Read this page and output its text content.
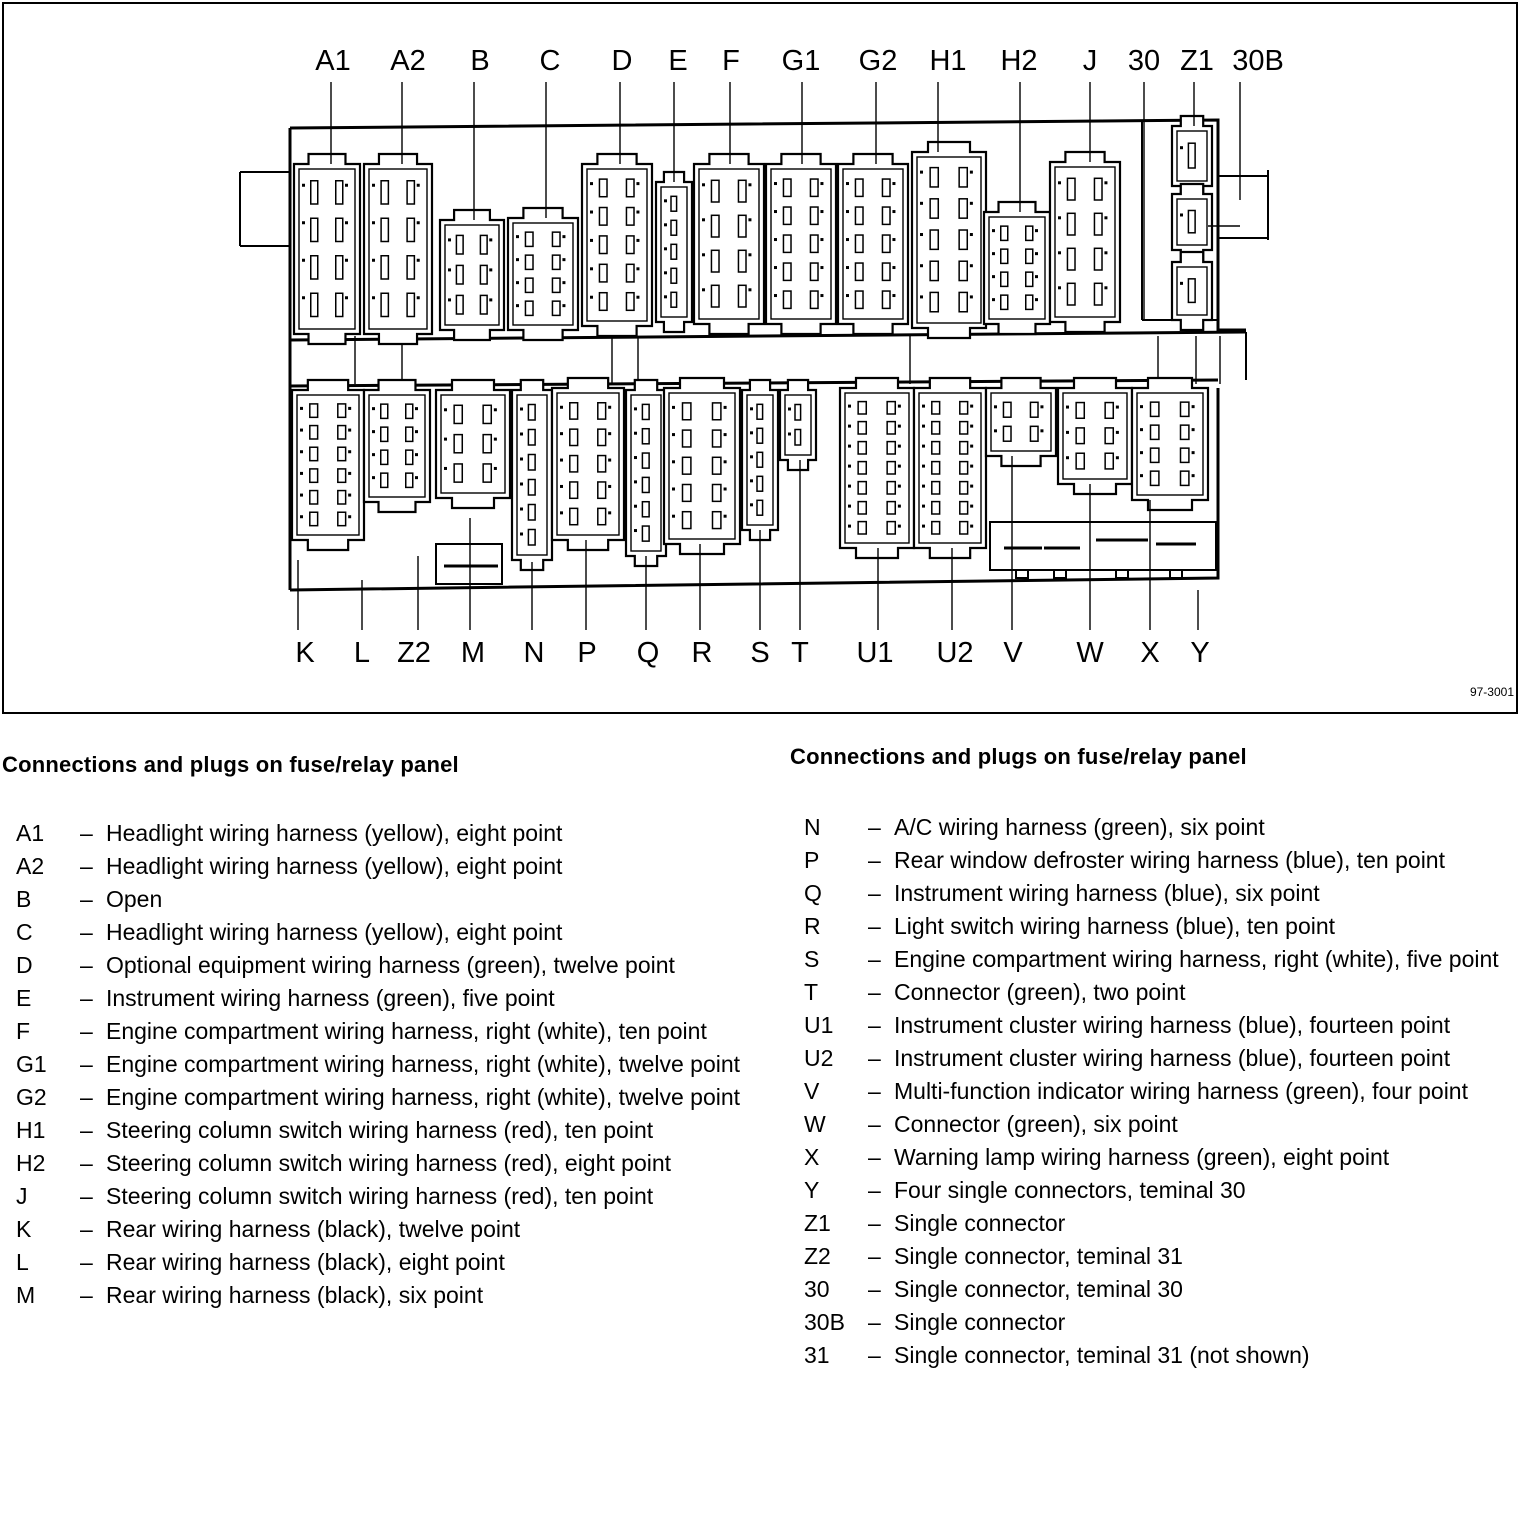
A1 A2 B C D E F G1 G2 H1 H2 J 30 Z1 30B
K L Z2 M N P Q R S T U1 U2 V W X Y
97-3001
Connections and plugs on fuse/relay panel
A1	– Headlight wiring harness (yellow), eight point
A2	– Headlight wiring harness (yellow), eight point
B	– Open
C	– Headlight wiring harness (yellow), eight point
D	– Optional equipment wiring harness (green), twelve point
E	– Instrument wiring harness (green), five point
F	– Engine compartment wiring harness, right (white), ten point
G1	– Engine compartment wiring harness, right (white), twelve point
G2	– Engine compartment wiring harness, right (white), twelve point
H1	– Steering column switch wiring harness (red), ten point
H2	– Steering column switch wiring harness (red), eight point
J	– Steering column switch wiring harness (red), ten point
K	– Rear wiring harness (black), twelve point
L	– Rear wiring harness (black), eight point
M	– Rear wiring harness (black), six point
Connections and plugs on fuse/relay panel
N	– A/C wiring harness (green), six point
P	– Rear window defroster wiring harness (blue), ten point
Q	– Instrument wiring harness (blue), six point
R	– Light switch wiring harness (blue), ten point
S	– Engine compartment wiring harness, right (white), five point
T	– Connector (green), two point
U1	– Instrument cluster wiring harness (blue), fourteen point
U2	– Instrument cluster wiring harness (blue), fourteen point
V	– Multi-function indicator wiring harness (green), four point
W	– Connector (green), six point
X	– Warning lamp wiring harness (green), eight point
Y	– Four single connectors, teminal 30
Z1	– Single connector
Z2	– Single connector, teminal 31
30	– Single connector, teminal 30
30B	– Single connector
31	– Single connector, teminal 31 (not shown)
